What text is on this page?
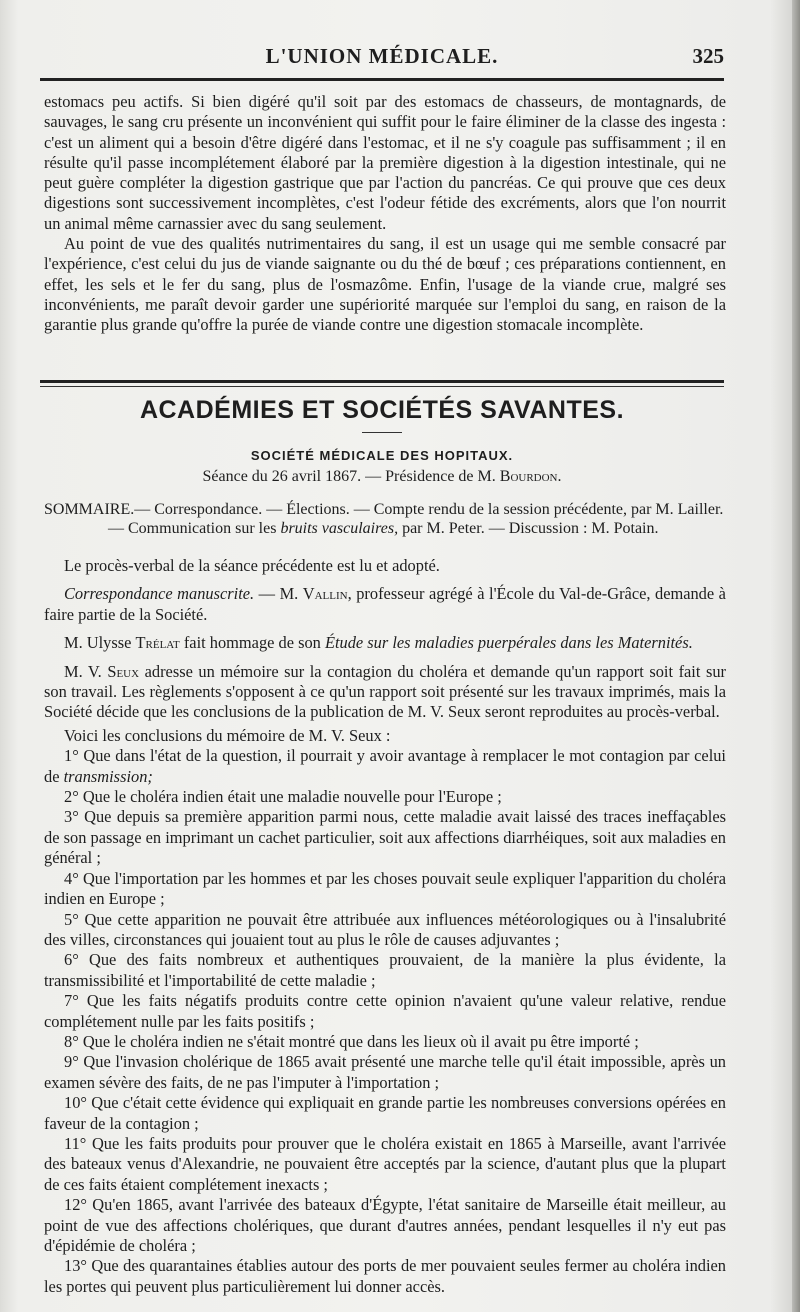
L'UNION MÉDICALE.	325

estomacs peu actifs. Si bien digéré qu'il soit par des estomacs de chasseurs, de montagnards, de sauvages, le sang cru présente un inconvénient qui suffit pour le faire éliminer de la classe des ingesta : c'est un aliment qui a besoin d'être digéré dans l'estomac, et il ne s'y coagule pas suffisamment ; il en résulte qu'il passe incomplétement élaboré par la première digestion à la digestion intestinale, qui ne peut guère compléter la digestion gastrique que par l'action du pancréas. Ce qui prouve que ces deux digestions sont successivement incomplètes, c'est l'odeur fétide des excréments, alors que l'on nourrit un animal même carnassier avec du sang seulement.

Au point de vue des qualités nutrimentaires du sang, il est un usage qui me semble consacré par l'expérience, c'est celui du jus de viande saignante ou du thé de bœuf ; ces préparations contiennent, en effet, les sels et le fer du sang, plus de l'osmazôme. Enfin, l'usage de la viande crue, malgré ses inconvénients, me paraît devoir garder une supériorité marquée sur l'emploi du sang, en raison de la garantie plus grande qu'offre la purée de viande contre une digestion stomacale incomplète.

ACADÉMIES ET SOCIÉTÉS SAVANTES.
SOCIÉTÉ MÉDICALE DES HOPITAUX.
Séance du 26 avril 1867. — Présidence de M. Bourdon.
SOMMAIRE.— Correspondance. — Élections. — Compte rendu de la session précédente, par M. Lailler.
— Communication sur les bruits vasculaires, par M. Peter. — Discussion : M. Potain.

Le procès-verbal de la séance précédente est lu et adopté.

Correspondance manuscrite. — M. Vallin, professeur agrégé à l'École du Val-de-Grâce, demande à faire partie de la Société.

M. Ulysse Trélat fait hommage de son Étude sur les maladies puerpérales dans les Maternités.

M. V. Seux adresse un mémoire sur la contagion du choléra et demande qu'un rapport soit fait sur son travail. Les règlements s'opposent à ce qu'un rapport soit présenté sur les travaux imprimés, mais la Société décide que les conclusions de la publication de M. V. Seux seront reproduites au procès-verbal.

Voici les conclusions du mémoire de M. V. Seux :

1° Que dans l'état de la question, il pourrait y avoir avantage à remplacer le mot contagion par celui de transmission;

2° Que le choléra indien était une maladie nouvelle pour l'Europe ;

3° Que depuis sa première apparition parmi nous, cette maladie avait laissé des traces ineffaçables de son passage en imprimant un cachet particulier, soit aux affections diarrhéiques, soit aux maladies en général ;

4° Que l'importation par les hommes et par les choses pouvait seule expliquer l'apparition du choléra indien en Europe ;

5° Que cette apparition ne pouvait être attribuée aux influences météorologiques ou à l'insalubrité des villes, circonstances qui jouaient tout au plus le rôle de causes adjuvantes ;

6° Que des faits nombreux et authentiques prouvaient, de la manière la plus évidente, la transmissibilité et l'importabilité de cette maladie ;

7° Que les faits négatifs produits contre cette opinion n'avaient qu'une valeur relative, rendue complétement nulle par les faits positifs ;

8° Que le choléra indien ne s'était montré que dans les lieux où il avait pu être importé ;

9° Que l'invasion cholérique de 1865 avait présenté une marche telle qu'il était impossible, après un examen sévère des faits, de ne pas l'imputer à l'importation ;

10° Que c'était cette évidence qui expliquait en grande partie les nombreuses conversions opérées en faveur de la contagion ;

11° Que les faits produits pour prouver que le choléra existait en 1865 à Marseille, avant l'arrivée des bateaux venus d'Alexandrie, ne pouvaient être acceptés par la science, d'autant plus que la plupart de ces faits étaient complétement inexacts ;

12° Qu'en 1865, avant l'arrivée des bateaux d'Égypte, l'état sanitaire de Marseille était meilleur, au point de vue des affections cholériques, que durant d'autres années, pendant lesquelles il n'y eut pas d'épidémie de choléra ;

13° Que des quarantaines établies autour des ports de mer pouvaient seules fermer au choléra indien les portes qui peuvent plus particulièrement lui donner accès.
